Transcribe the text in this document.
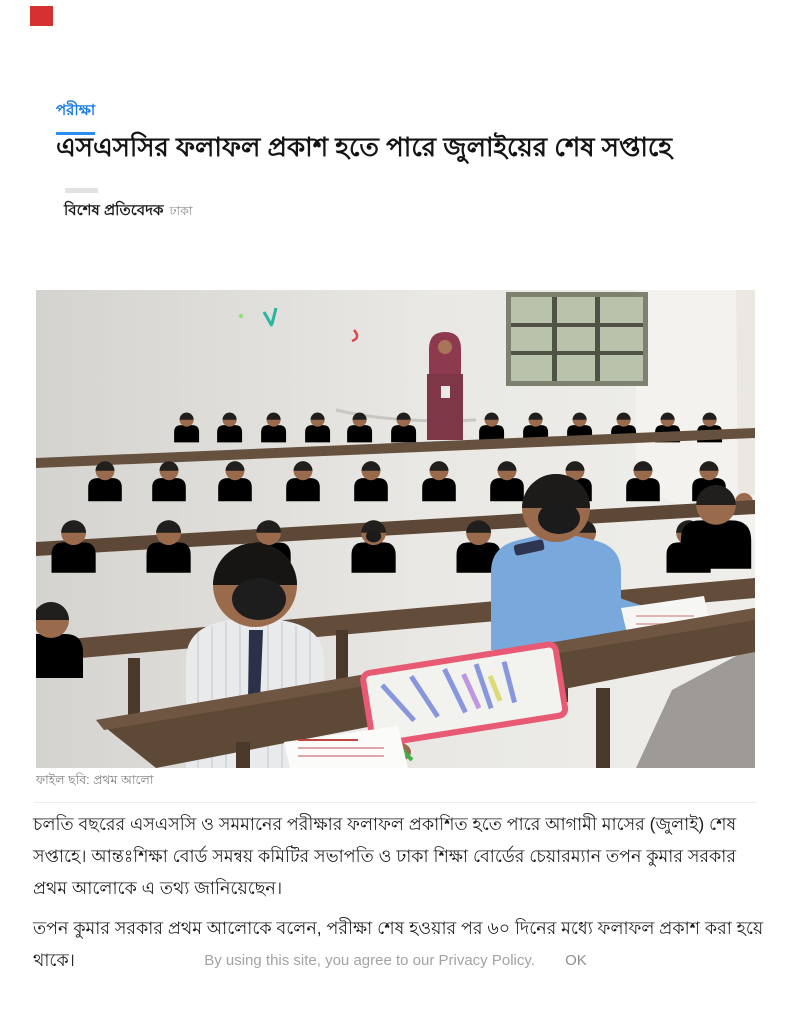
পরীক্ষা
এসএসসির ফলাফল প্রকাশ হতে পারে জুলাইয়ের শেষ সপ্তাহে
বিশেষ প্রতিবেদক ঢাকা
ফাইল ছবি: প্রথম আলো

চলতি বছরের এসএসসি ও সমমানের পরীক্ষার ফলাফল প্রকাশিত হতে পারে আগামী মাসের (জুলাই) শেষ সপ্তাহে। আন্তঃশিক্ষা বোর্ড সমন্বয় কমিটির সভাপতি ও ঢাকা শিক্ষা বোর্ডের চেয়ারম্যান তপন কুমার সরকার প্রথম আলোকে এ তথ্য জানিয়েছেন।

তপন কুমার সরকার প্রথম আলোকে বলেন, পরীক্ষা শেষ হওয়ার পর ৬০ দিনের মধ্যে ফলাফল প্রকাশ করা হয়ে থাকে।	By using this site, you agree to our Privacy Policy. OK
